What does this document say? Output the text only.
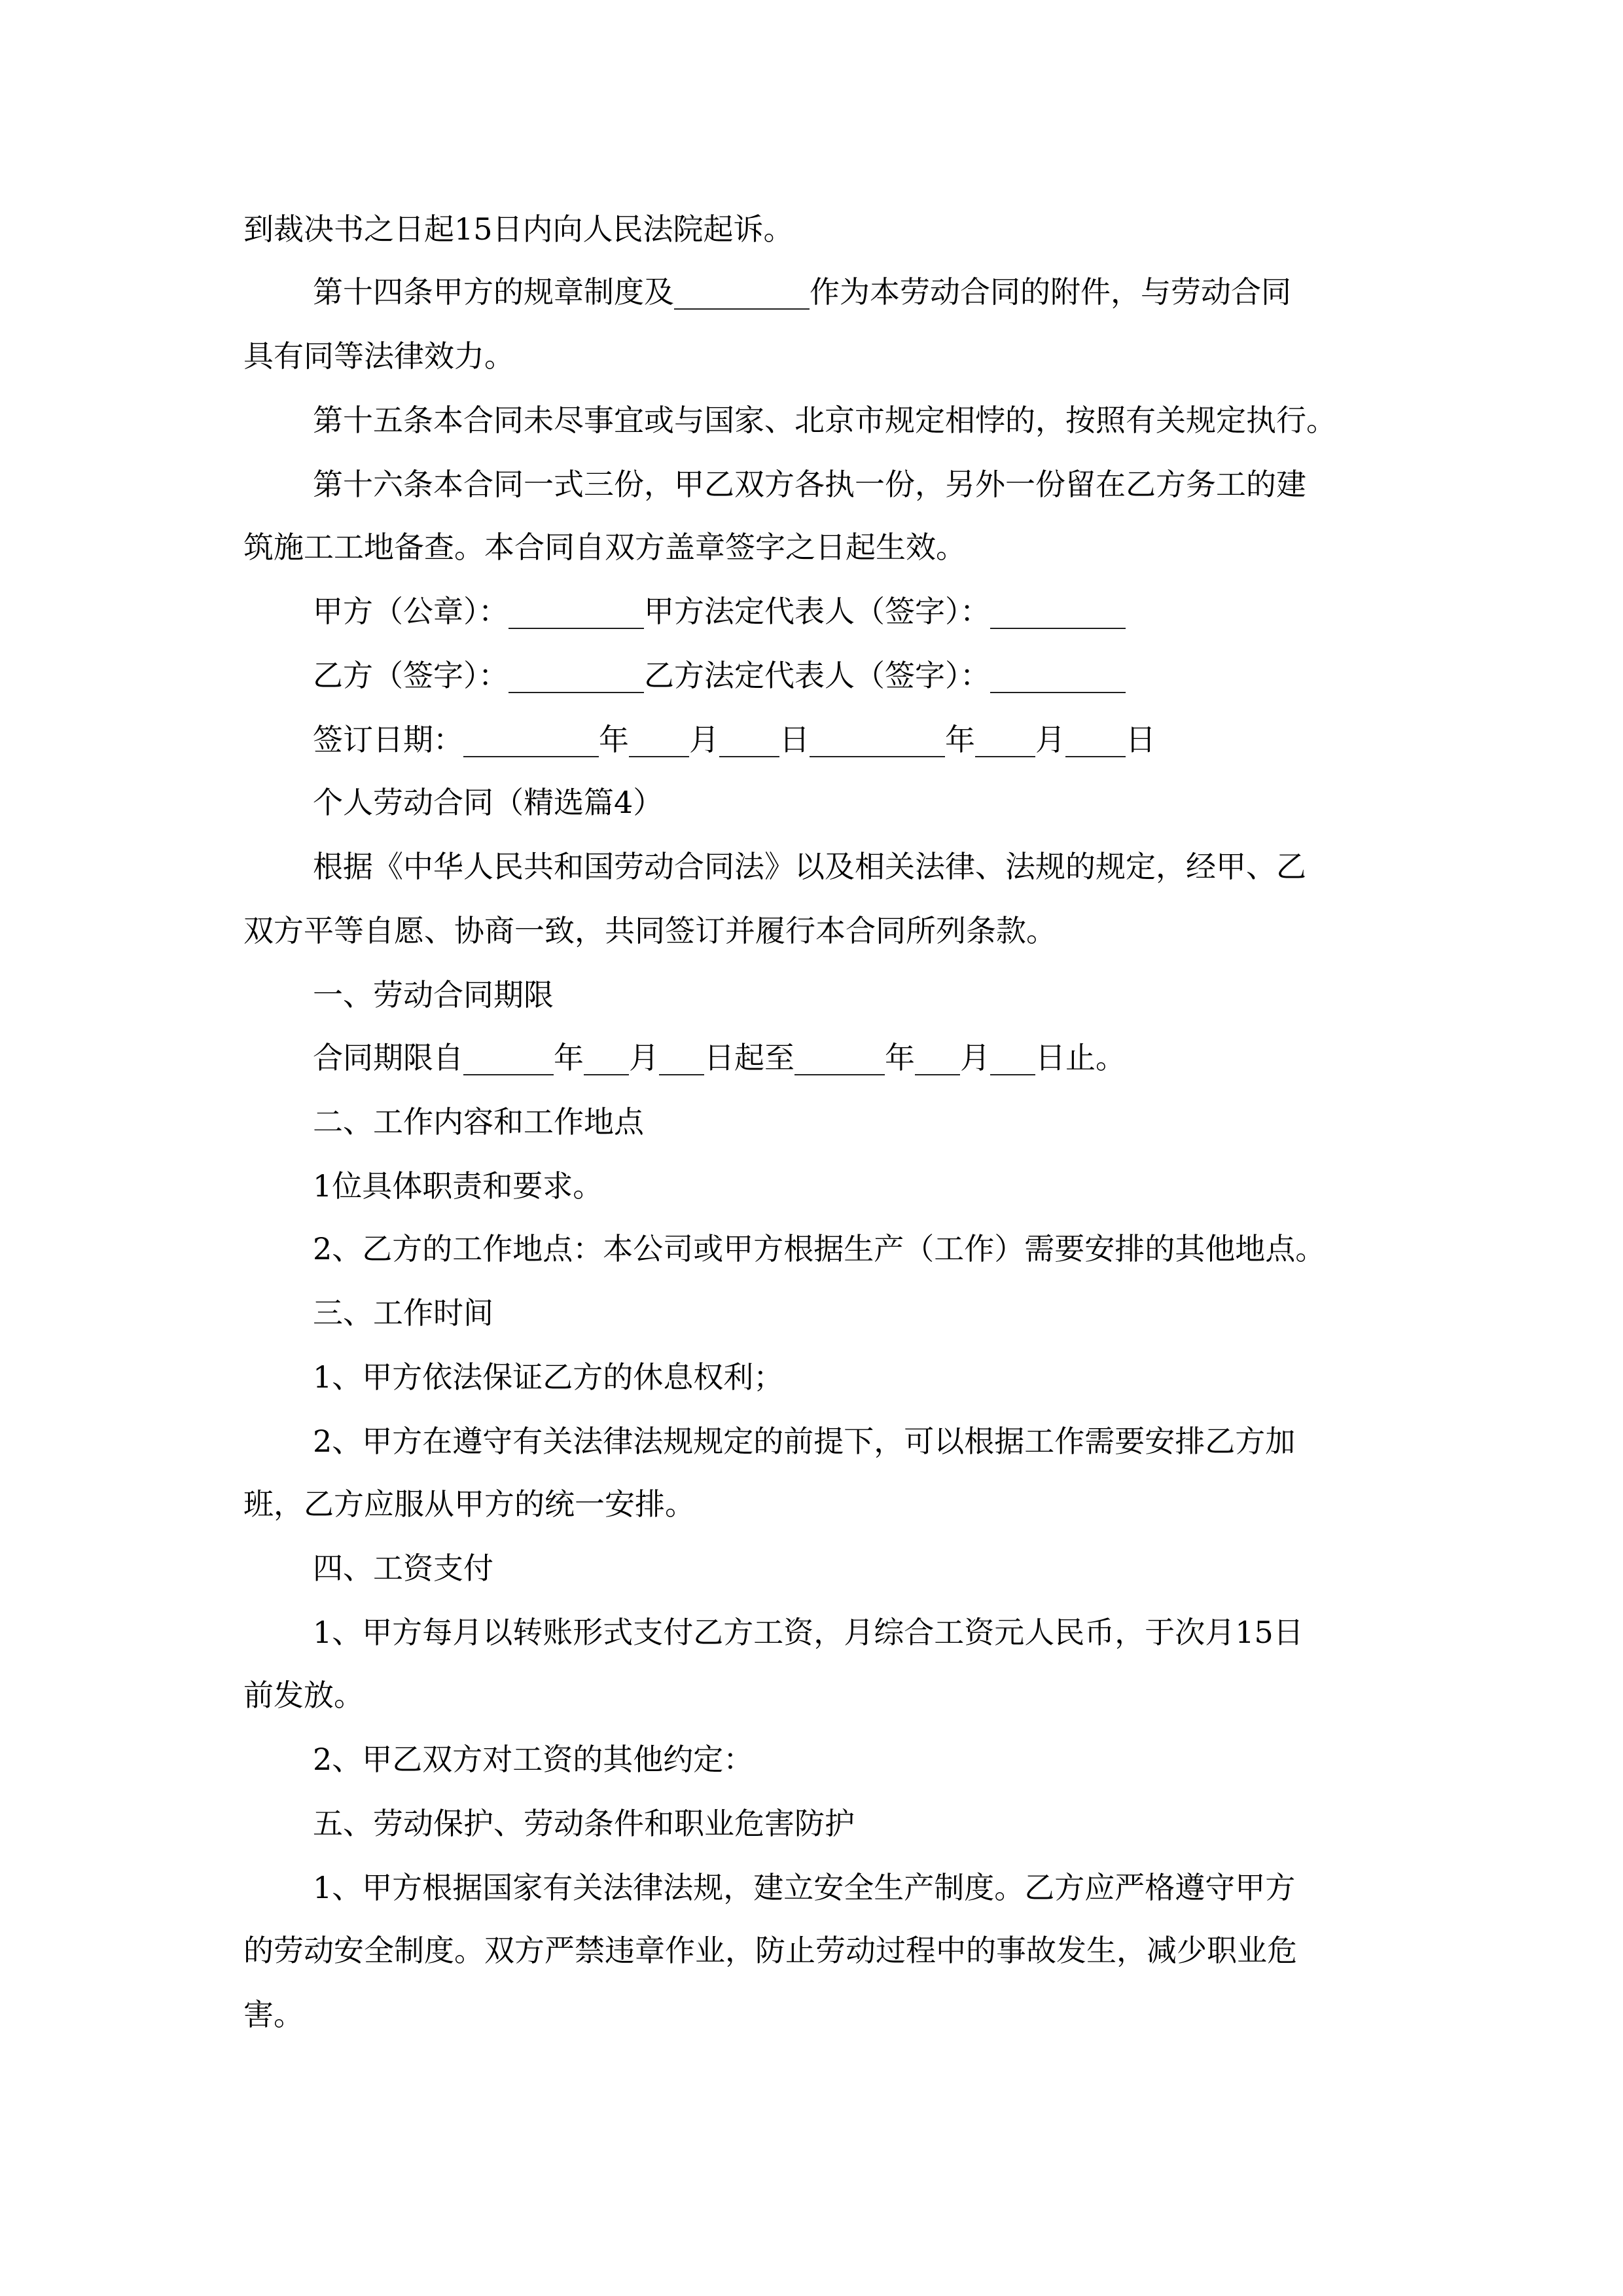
到裁决书之日起15日内向人民法院起诉。

第十四条甲方的规章制度及_________作为本劳动合同的附件，与劳动合同

具有同等法律效力。

第十五条本合同未尽事宜或与国家、北京市规定相悖的，按照有关规定执行。

第十六条本合同一式三份，甲乙双方各执一份，另外一份留在乙方务工的建

筑施工工地备查。本合同自双方盖章签字之日起生效。

甲方（公章）：_________甲方法定代表人（签字）：_________

乙方（签字）：_________乙方法定代表人（签字）：_________

签订日期：_________年____月____日_________年____月____日

个人劳动合同（精选篇4）

根据《中华人民共和国劳动合同法》以及相关法律、法规的规定，经甲、乙

双方平等自愿、协商一致，共同签订并履行本合同所列条款。

一、劳动合同期限

合同期限自______年___月___日起至______年___月___日止。

二、工作内容和工作地点

1位具体职责和要求。

2、乙方的工作地点：本公司或甲方根据生产（工作）需要安排的其他地点。

三、工作时间

1、甲方依法保证乙方的休息权利；

2、甲方在遵守有关法律法规规定的前提下，可以根据工作需要安排乙方加

班，乙方应服从甲方的统一安排。

四、工资支付

1、甲方每月以转账形式支付乙方工资，月综合工资元人民币，于次月15日

前发放。

2、甲乙双方对工资的其他约定：

五、劳动保护、劳动条件和职业危害防护

1、甲方根据国家有关法律法规，建立安全生产制度。乙方应严格遵守甲方

的劳动安全制度。双方严禁违章作业，防止劳动过程中的事故发生，减少职业危

害。
